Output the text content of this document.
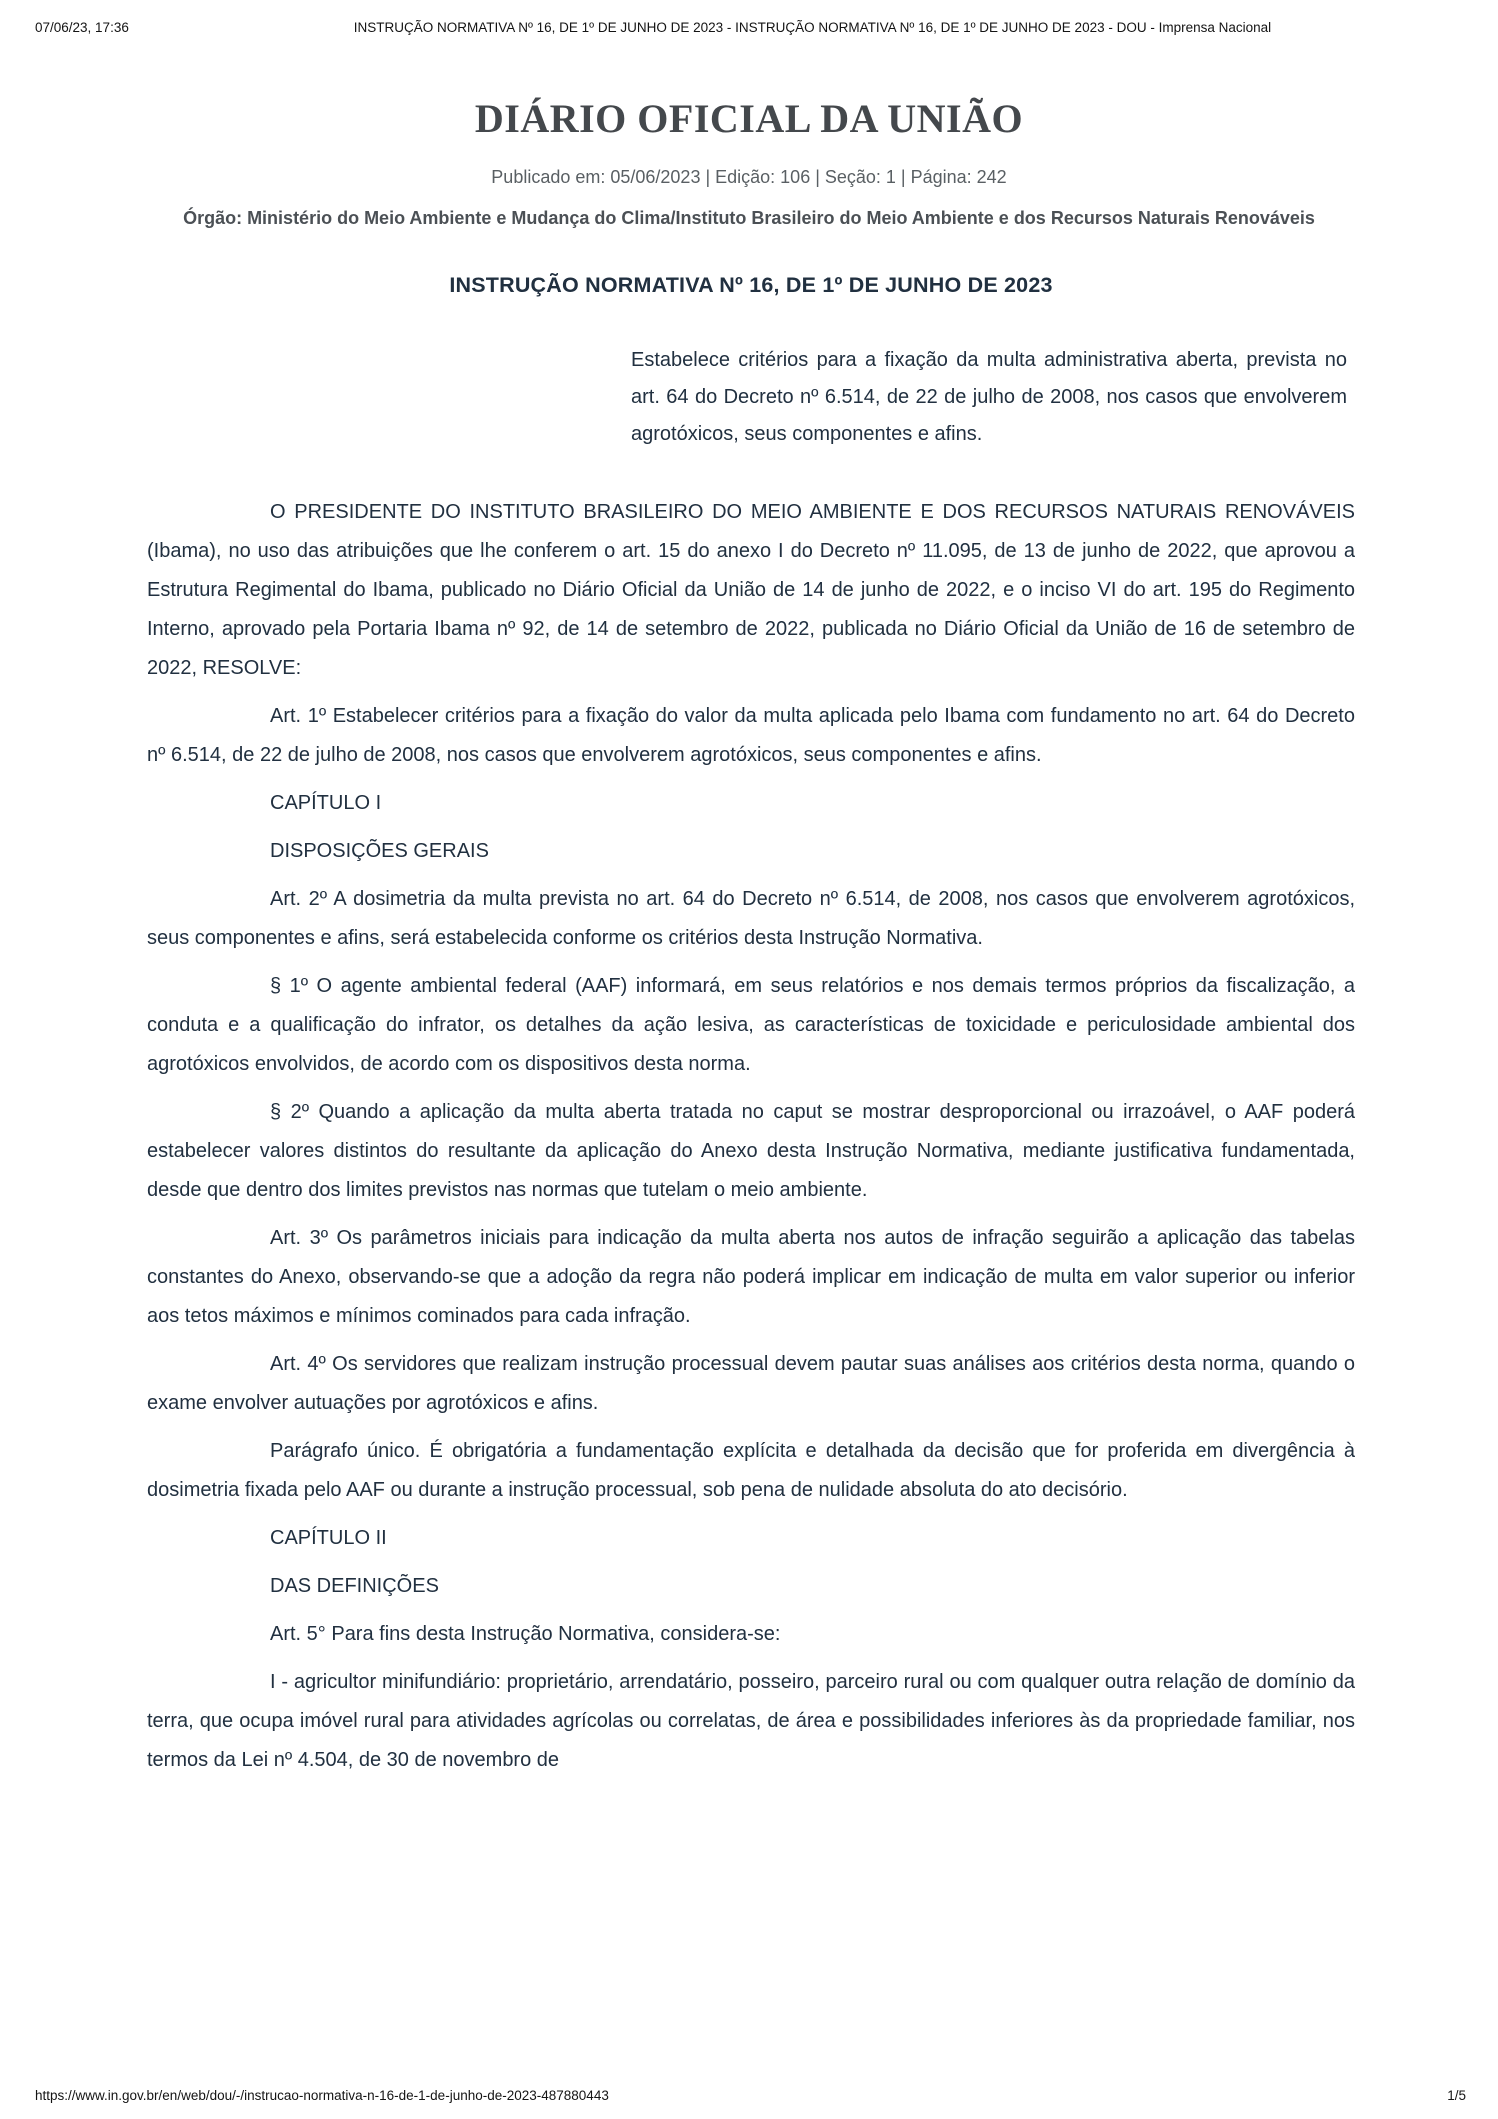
07/06/23, 17:36	INSTRUÇÃO NORMATIVA Nº 16, DE 1º DE JUNHO DE 2023 - INSTRUÇÃO NORMATIVA Nº 16, DE 1º DE JUNHO DE 2023 - DOU - Imprensa Nacional
DIÁRIO OFICIAL DA UNIÃO
Publicado em: 05/06/2023 | Edição: 106 | Seção: 1 | Página: 242
Órgão: Ministério do Meio Ambiente e Mudança do Clima/Instituto Brasileiro do Meio Ambiente e dos Recursos Naturais Renováveis
INSTRUÇÃO NORMATIVA Nº 16, DE 1º DE JUNHO DE 2023
Estabelece critérios para a fixação da multa administrativa aberta, prevista no art. 64 do Decreto nº 6.514, de 22 de julho de 2008, nos casos que envolverem agrotóxicos, seus componentes e afins.

O PRESIDENTE DO INSTITUTO BRASILEIRO DO MEIO AMBIENTE E DOS RECURSOS NATURAIS RENOVÁVEIS (Ibama), no uso das atribuições que lhe conferem o art. 15 do anexo I do Decreto nº 11.095, de 13 de junho de 2022, que aprovou a Estrutura Regimental do Ibama, publicado no Diário Oficial da União de 14 de junho de 2022, e o inciso VI do art. 195 do Regimento Interno, aprovado pela Portaria Ibama nº 92, de 14 de setembro de 2022, publicada no Diário Oficial da União de 16 de setembro de 2022, RESOLVE:

Art. 1º Estabelecer critérios para a fixação do valor da multa aplicada pelo Ibama com fundamento no art. 64 do Decreto nº 6.514, de 22 de julho de 2008, nos casos que envolverem agrotóxicos, seus componentes e afins.

CAPÍTULO I

DISPOSIÇÕES GERAIS

Art. 2º A dosimetria da multa prevista no art. 64 do Decreto nº 6.514, de 2008, nos casos que envolverem agrotóxicos, seus componentes e afins, será estabelecida conforme os critérios desta Instrução Normativa.

§ 1º O agente ambiental federal (AAF) informará, em seus relatórios e nos demais termos próprios da fiscalização, a conduta e a qualificação do infrator, os detalhes da ação lesiva, as características de toxicidade e periculosidade ambiental dos agrotóxicos envolvidos, de acordo com os dispositivos desta norma.

§ 2º Quando a aplicação da multa aberta tratada no caput se mostrar desproporcional ou irrazoável, o AAF poderá estabelecer valores distintos do resultante da aplicação do Anexo desta Instrução Normativa, mediante justificativa fundamentada, desde que dentro dos limites previstos nas normas que tutelam o meio ambiente.

Art. 3º Os parâmetros iniciais para indicação da multa aberta nos autos de infração seguirão a aplicação das tabelas constantes do Anexo, observando-se que a adoção da regra não poderá implicar em indicação de multa em valor superior ou inferior aos tetos máximos e mínimos cominados para cada infração.

Art. 4º Os servidores que realizam instrução processual devem pautar suas análises aos critérios desta norma, quando o exame envolver autuações por agrotóxicos e afins.

Parágrafo único. É obrigatória a fundamentação explícita e detalhada da decisão que for proferida em divergência à dosimetria fixada pelo AAF ou durante a instrução processual, sob pena de nulidade absoluta do ato decisório.

CAPÍTULO II

DAS DEFINIÇÕES

Art. 5° Para fins desta Instrução Normativa, considera-se:

I - agricultor minifundiário: proprietário, arrendatário, posseiro, parceiro rural ou com qualquer outra relação de domínio da terra, que ocupa imóvel rural para atividades agrícolas ou correlatas, de área e possibilidades inferiores às da propriedade familiar, nos termos da Lei nº 4.504, de 30 de novembro de

https://www.in.gov.br/en/web/dou/-/instrucao-normativa-n-16-de-1-de-junho-de-2023-487880443	1/5
